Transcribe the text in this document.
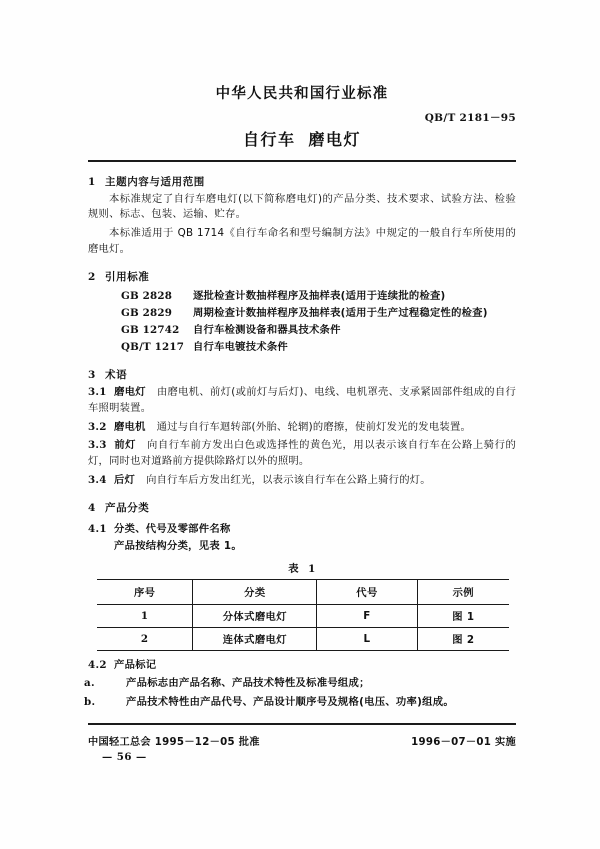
中华人民共和国行业标准
QB/T 2181－95
自行车 磨电灯
1 主题内容与适用范围
本标准规定了自行车磨电灯(以下简称磨电灯)的产品分类、技术要求、试验方法、检验规则、标志、包装、运输、贮存。
本标准适用于 QB 1714《自行车命名和型号编制方法》中规定的一般自行车所使用的磨电灯。
2 引用标准
GB 2828 逐批检查计数抽样程序及抽样表(适用于连续批的检查)
GB 2829 周期检查计数抽样程序及抽样表(适用于生产过程稳定性的检查)
GB 12742 自行车检测设备和器具技术条件
QB/T 1217 自行车电镀技术条件
3 术语
3.1 磨电灯 由磨电机、前灯(或前灯与后灯)、电线、电机罩壳、支承紧固部件组成的自行车照明装置。
3.2 磨电机 通过与自行车迴转部(外胎、轮辋)的磨擦，使前灯发光的发电装置。
3.3 前灯 向自行车前方发出白色或选择性的黄色光，用以表示该自行车在公路上骑行的灯，同时也对道路前方提供除路灯以外的照明。
3.4 后灯 向自行车后方发出红光，以表示该自行车在公路上骑行的灯。
4 产品分类
4.1 分类、代号及零部件名称
产品按结构分类，见表 1。
表 1
序号	分类	代号	示例
1	分体式磨电灯	F	图 1
2	连体式磨电灯	L	图 2
4.2 产品标记
a.	产品标志由产品名称、产品技术特性及标准号组成；
b.	产品技术特性由产品代号、产品设计顺序号及规格(电压、功率)组成。
中国轻工总会 1995－12－05 批准	1996－07－01 实施
— 56 —
